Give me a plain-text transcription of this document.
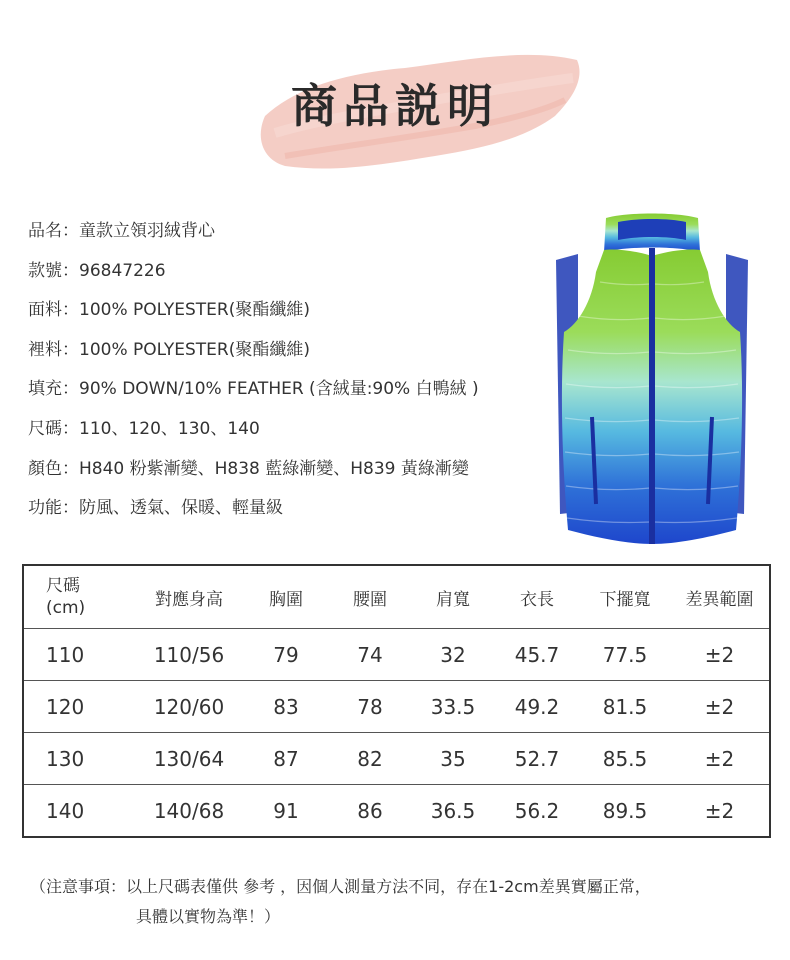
商品説明
品名：童款立領羽絨背心
款號：96847226
面料：100% POLYESTER(聚酯纖維)
裡料：100% POLYESTER(聚酯纖維)
填充：90% DOWN/10% FEATHER (含絨量:90% 白鴨絨 )
尺碼：110、120、130、140
顏色：H840 粉紫漸變、H838 藍綠漸變、H839 黃綠漸變
功能：防風、透氣、保暖、輕量級
尺碼
(cm)	對應身高	胸圍	腰圍	肩寬	衣長	下擺寬	差異範圍
110	110/56	79	74	32	45.7	77.5	±2
120	120/60	83	78	33.5	49.2	81.5	±2
130	130/64	87	82	35	52.7	85.5	±2
140	140/68	91	86	36.5	56.2	89.5	±2
（注意事項：以上尺碼表僅供 參考 ，因個人測量方法不同，存在1-2cm差異實屬正常，
具體以實物為準！）
